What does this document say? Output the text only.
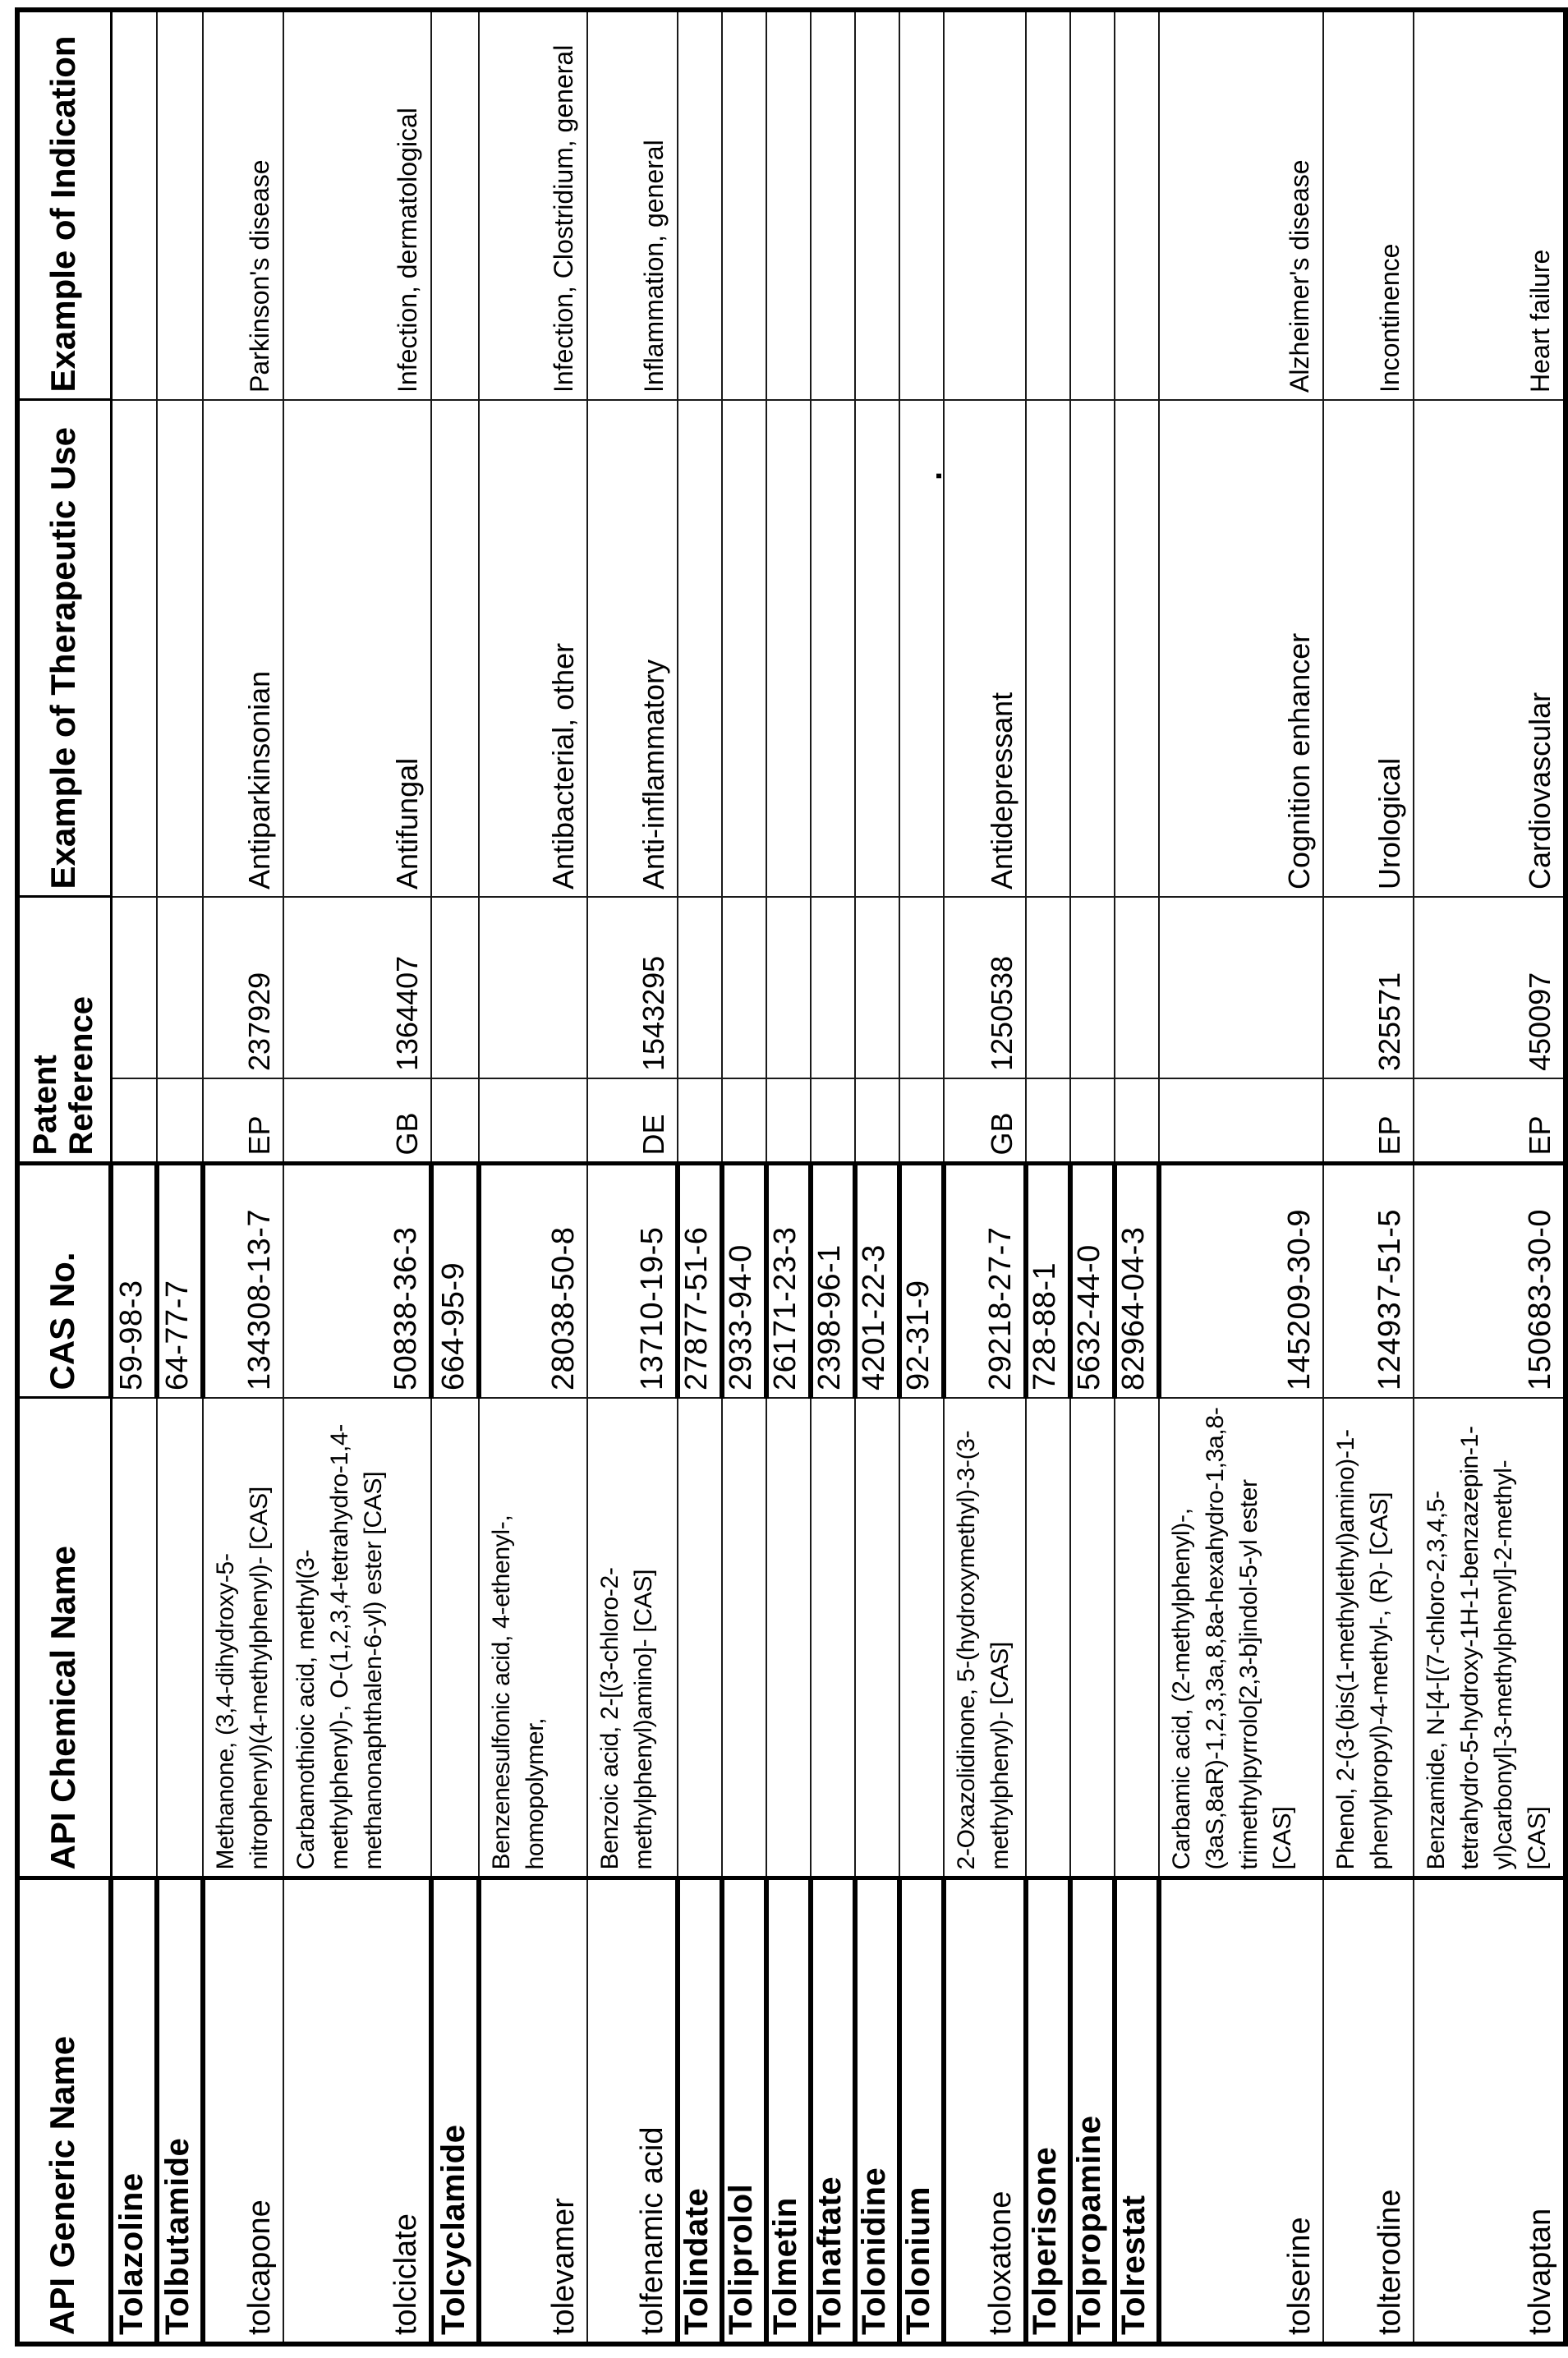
API Generic Name	API Chemical Name	CAS No.	Patent
Reference		Example of Therapeutic Use	Example of Indication
Tolazoline		59-98-3				
Tolbutamide		64-77-7				
tolcapone	Methanone, (3,4-dihydroxy-5-
nitrophenyl)(4-methylphenyl)- [CAS]	134308-13-7	EP	237929	Antiparkinsonian	Parkinson's disease
tolciclate	Carbamothioic acid, methyl(3-
methylphenyl)-, O-(1,2,3,4-tetrahydro-1,4-
methanonaphthalen-6-yl) ester [CAS]	50838-36-3	GB	1364407	Antifungal	Infection, dermatological
Tolcyclamide		664-95-9				
tolevamer	Benzenesulfonic acid, 4-ethenyl-,
homopolymer,	28038-50-8			Antibacterial, other	Infection, Clostridium, general
tolfenamic acid	Benzoic acid, 2-[(3-chloro-2-
methylphenyl)amino]- [CAS]	13710-19-5	DE	1543295	Anti-inflammatory	Inflammation, general
Tolindate		27877-51-6				
Toliprolol		2933-94-0				
Tolmetin		26171-23-3				
Tolnaftate		2398-96-1				
Tolonidine		4201-22-3				
Tolonium		92-31-9				
toloxatone	2-Oxazolidinone, 5-(hydroxymethyl)-3-(3-
methylphenyl)- [CAS]	29218-27-7	GB	1250538	Antidepressant	
Tolperisone		728-88-1				
Tolpropamine		5632-44-0				
Tolrestat		82964-04-3				
tolserine	Carbamic acid, (2-methylphenyl)-,
(3aS,8aR)-1,2,3,3a,8,8a-hexahydro-1,3a,8-
trimethylpyrrolo[2,3-b]indol-5-yl ester
[CAS]	145209-30-9			Cognition enhancer	Alzheimer's disease
tolterodine	Phenol, 2-(3-(bis(1-methylethyl)amino)-1-
phenylpropyl)-4-methyl-, (R)- [CAS]	124937-51-5	EP	325571	Urological	Incontinence
tolvaptan	Benzamide, N-[4-[(7-chloro-2,3,4,5-
tetrahydro-5-hydroxy-1H-1-benzazepin-1-
yl)carbonyl]-3-methylphenyl]-2-methyl-
[CAS]	150683-30-0	EP	450097	Cardiovascular	Heart failure
.
